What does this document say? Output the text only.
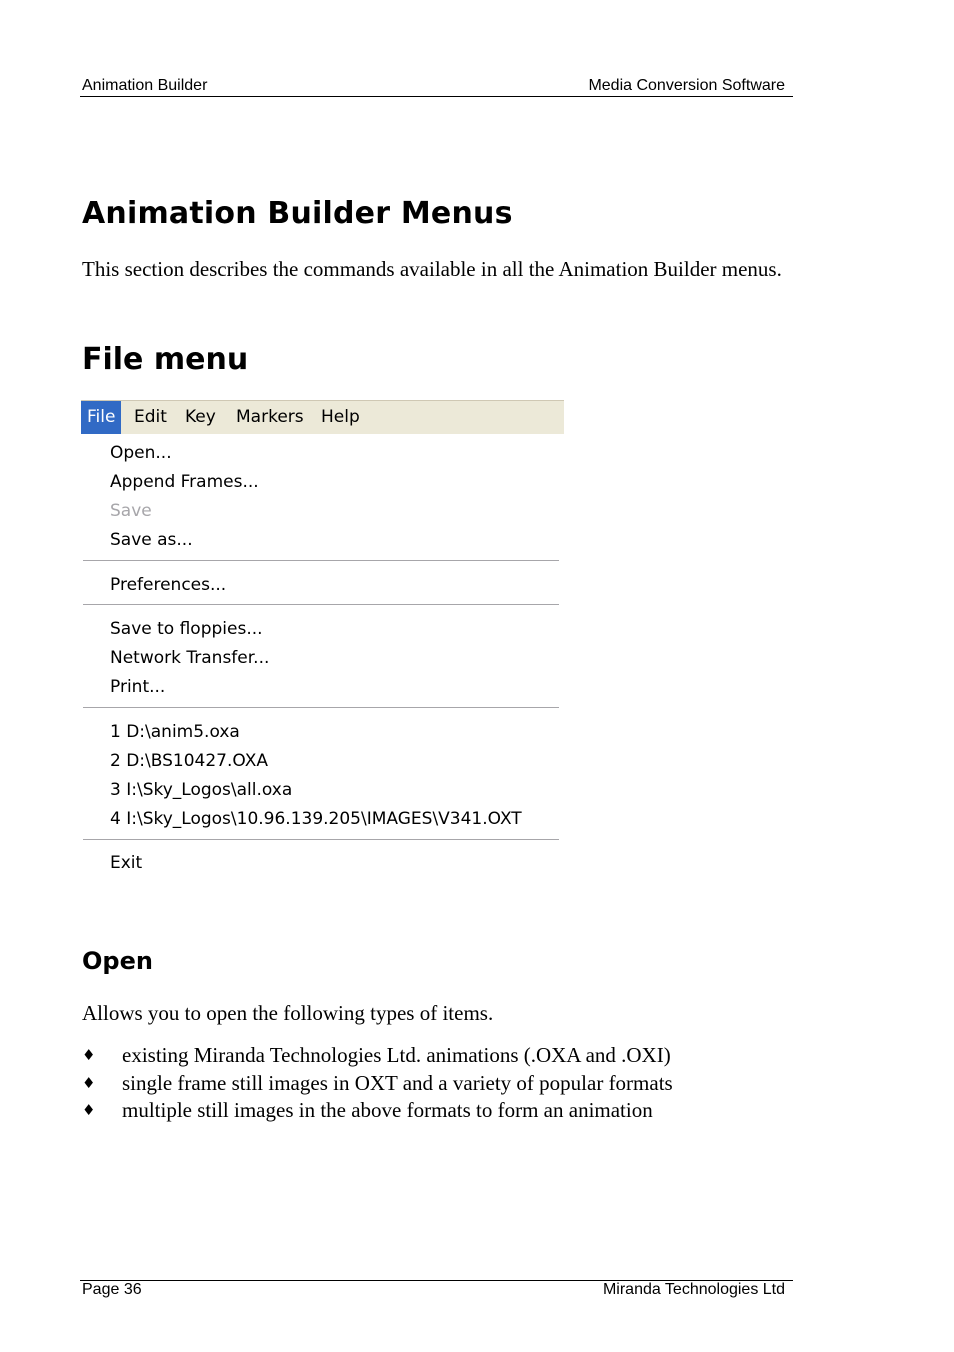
Animation Builder	Media Conversion Software
Animation Builder Menus
This section describes the commands available in all the Animation Builder menus.
File menu
File	Edit Key Markers Help
Open...
Append Frames...
Save
Save as...
Preferences...
Save to floppies...
Network Transfer...
Print...
1 D:\anim5.oxa
2 D:\BS10427.OXA
3 I:\Sky_Logos\all.oxa
4 I:\Sky_Logos\10.96.139.205\IMAGES\V341.OXT
Exit
Open
Allows you to open the following types of items.
♦ existing Miranda Technologies Ltd. animations (.OXA and .OXI)
♦ single frame still images in OXT and a variety of popular formats
♦ multiple still images in the above formats to form an animation
Page 36	Miranda Technologies Ltd
